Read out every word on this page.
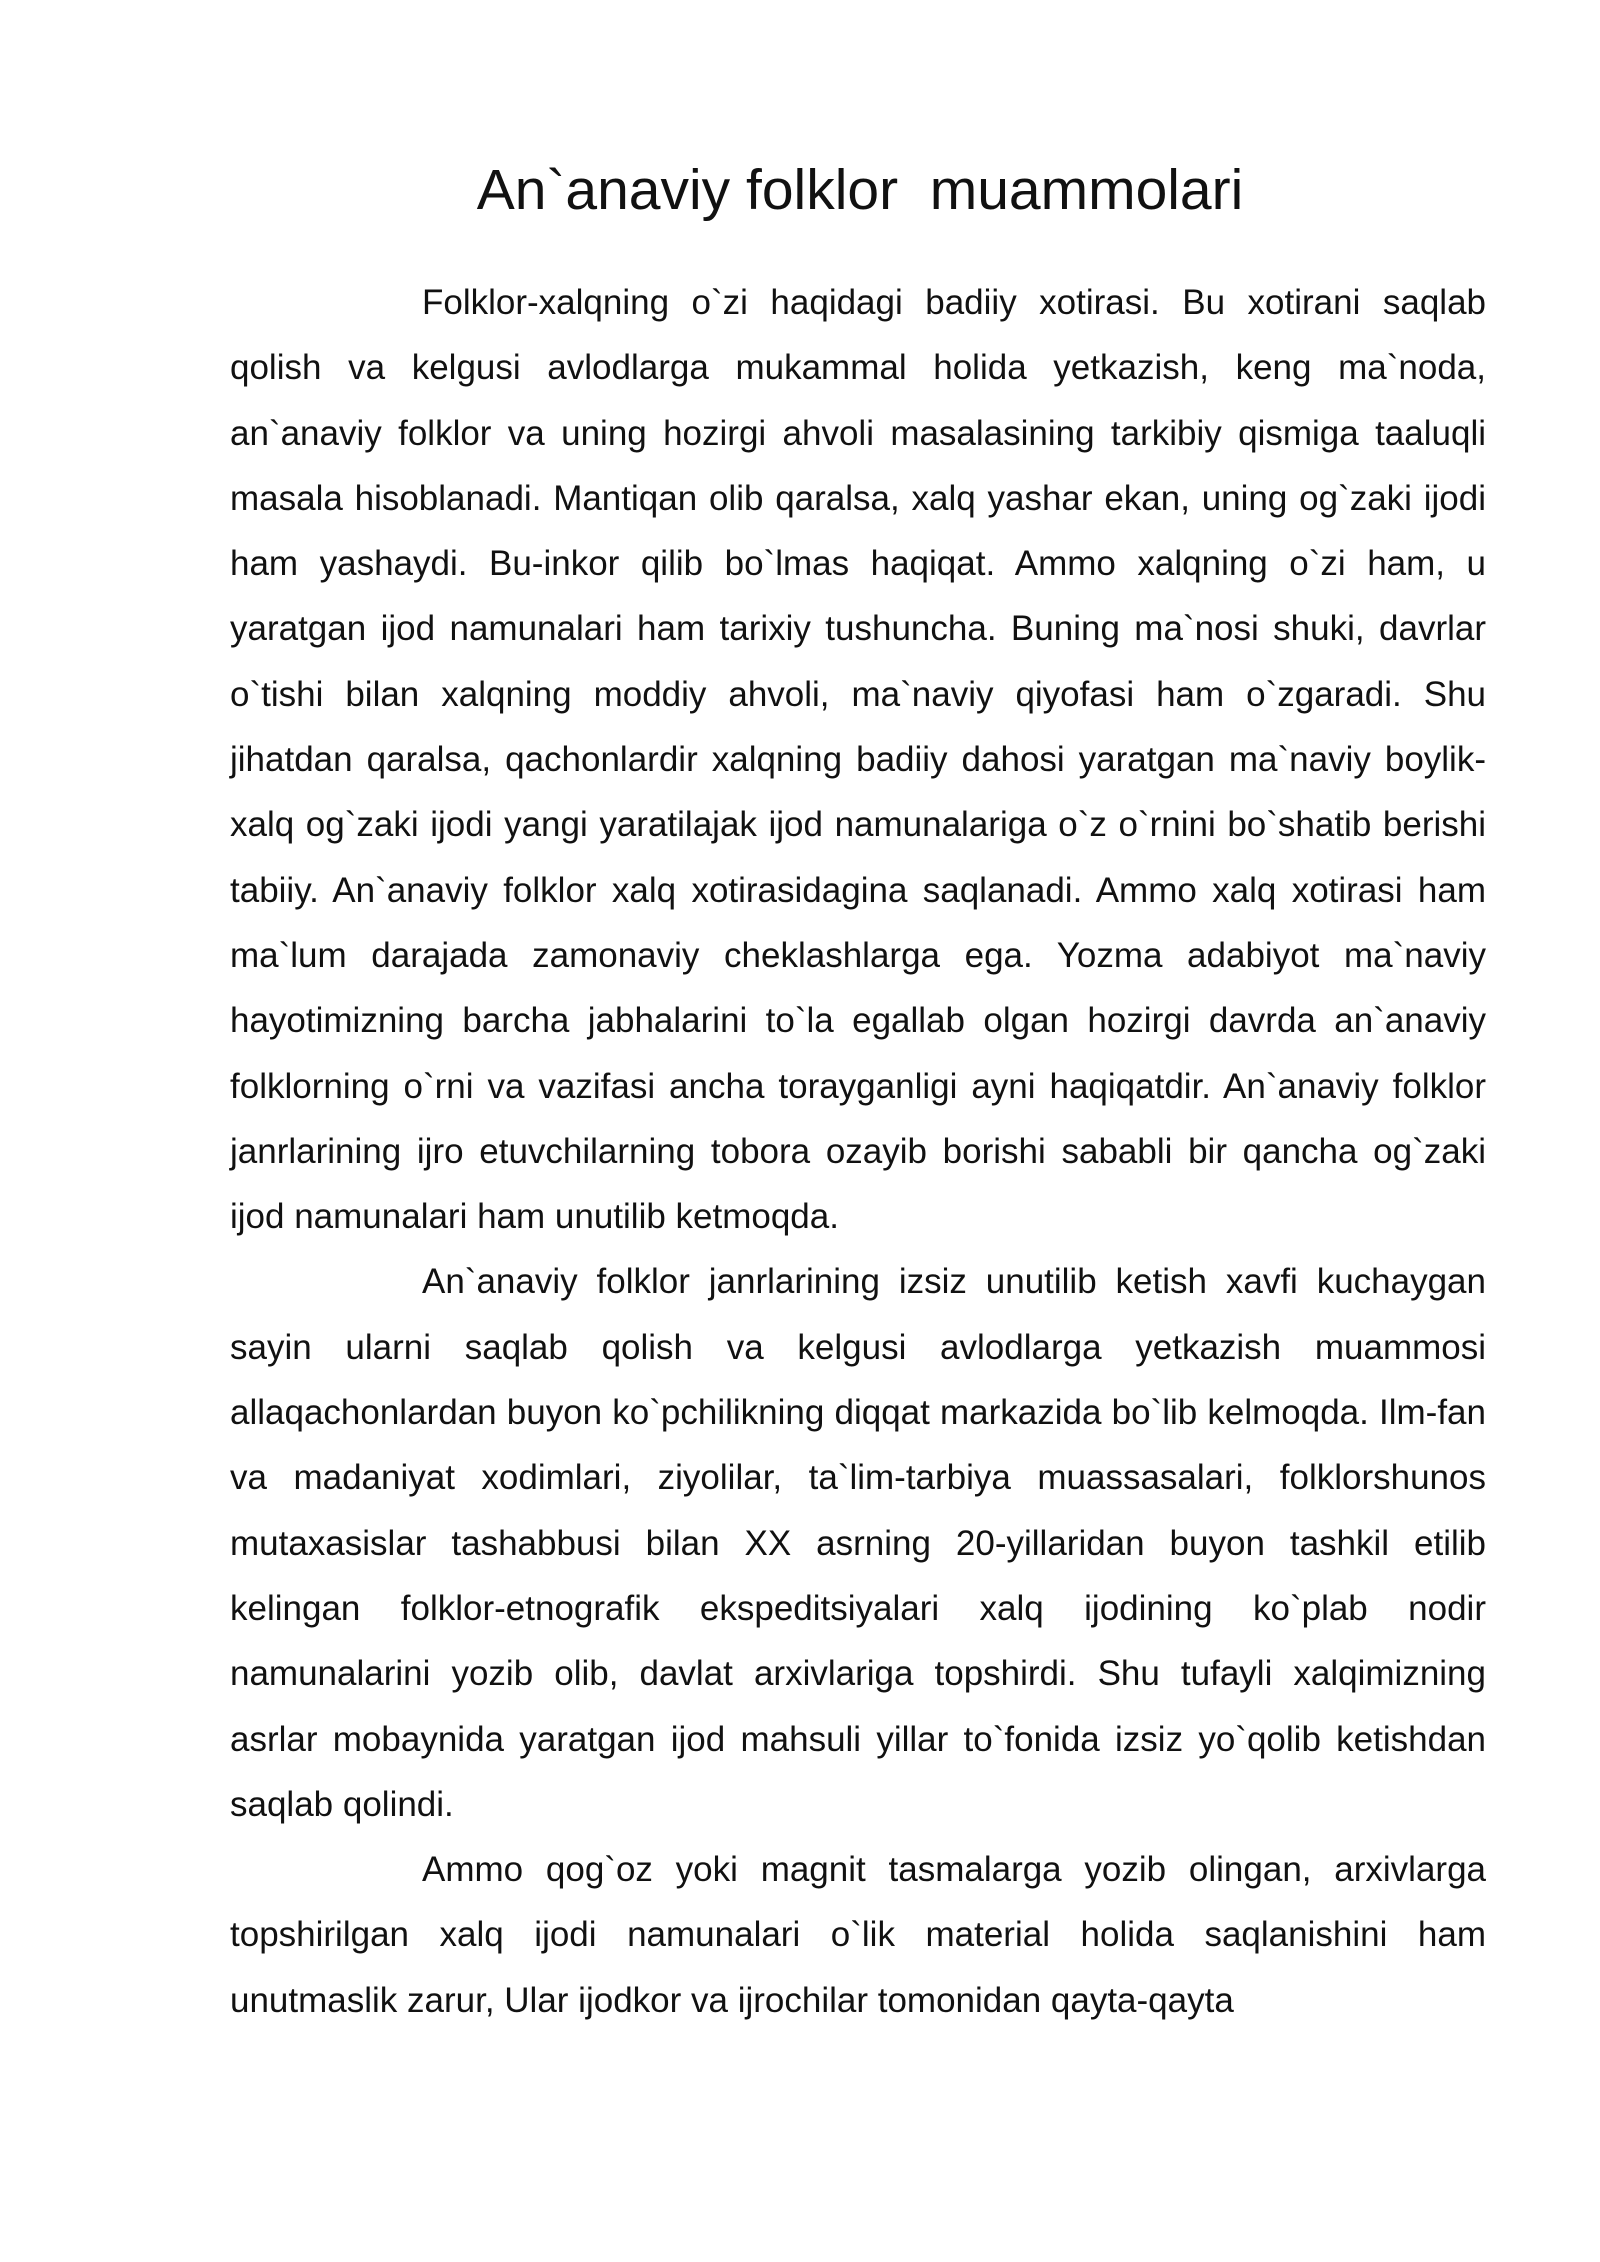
An`anaviy folklor  muammolari

Folklor-xalqning o`zi haqidagi badiiy xotirasi. Bu xotirani saqlab qolish va kelgusi avlodlarga mukammal holida yetkazish, keng ma`noda, an`anaviy folklor va uning hozirgi ahvoli masalasining tarkibiy qismiga taaluqli masala hisoblanadi. Mantiqan olib qaralsa, xalq yashar ekan, uning og`zaki ijodi ham yashaydi. Bu-inkor qilib bo`lmas haqiqat. Ammo xalqning o`zi ham, u yaratgan ijod namunalari ham tarixiy tushuncha. Buning ma`nosi shuki, davrlar o`tishi bilan xalqning moddiy ahvoli, ma`naviy qiyofasi ham o`zgaradi. Shu jihatdan qaralsa, qachonlardir xalqning badiiy dahosi yaratgan ma`naviy boylik-xalq og`zaki ijodi yangi yaratilajak ijod namunalariga o`z o`rnini bo`shatib berishi tabiiy. An`anaviy folklor xalq xotirasidagina saqlanadi. Ammo xalq xotirasi ham ma`lum darajada zamonaviy cheklashlarga ega. Yozma adabiyot ma`naviy hayotimizning barcha jabhalarini to`la egallab olgan hozirgi davrda an`anaviy folklorning o`rni va vazifasi ancha torayganligi ayni haqiqatdir. An`anaviy folklor janrlarining ijro etuvchilarning tobora ozayib borishi sababli bir qancha og`zaki ijod namunalari ham unutilib ketmoqda.

An`anaviy folklor janrlarining izsiz unutilib ketish xavfi kuchaygan sayin ularni saqlab qolish va kelgusi avlodlarga yetkazish muammosi allaqachonlardan buyon ko`pchilikning diqqat markazida bo`lib kelmoqda. Ilm-fan va madaniyat xodimlari, ziyolilar, ta`lim-tarbiya muassasalari, folklorshunos mutaxasislar tashabbusi bilan XX asrning 20-yillaridan buyon tashkil etilib kelingan folklor-etnografik ekspeditsiyalari xalq ijodining ko`plab nodir namunalarini yozib olib, davlat arxivlariga topshirdi. Shu tufayli xalqimizning asrlar mobaynida yaratgan ijod mahsuli yillar to`fonida izsiz yo`qolib ketishdan saqlab qolindi.

Ammo qog`oz yoki magnit tasmalarga yozib olingan, arxivlarga topshirilgan xalq ijodi namunalari o`lik material holida saqlanishini ham unutmaslik zarur, Ular ijodkor va ijrochilar tomonidan qayta-qayta
